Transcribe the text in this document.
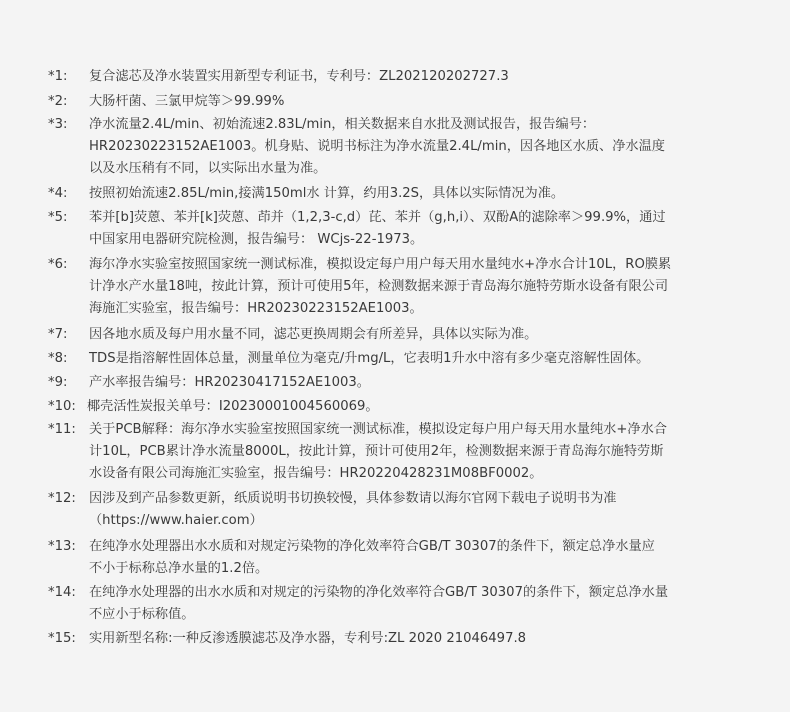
*1: 复合滤芯及净水装置实用新型专利证书，专利号：ZL202120202727.3
*2: 大肠杆菌、三氯甲烷等＞99.99%
*3: 净水流量2.4L/min、初始流速2.83L/min，相关数据来自水批及测试报告，报告编号：
HR20230223152AE1003。机身贴、说明书标注为净水流量2.4L/min，因各地区水质、净水温度
以及水压稍有不同，以实际出水量为准。
*4: 按照初始流速2.85L/min,接满150ml水 计算，约用3.2S，具体以实际情况为准。
*5: 苯并[b]荧蒽、苯并[k]荧蒽、茚并（1,2,3-c,d）芘、苯并（g,h,i）、双酚A的滤除率＞99.9%，通过
中国家用电器研究院检测，报告编号： WCjs-22-1973。
*6: 海尔净水实验室按照国家统一测试标准，模拟设定每户用户每天用水量纯水+净水合计10L，RO膜累
计净水产水量18吨，按此计算，预计可使用5年，检测数据来源于青岛海尔施特劳斯水设备有限公司
海施汇实验室，报告编号：HR20230223152AE1003。
*7: 因各地水质及每户用水量不同，滤芯更换周期会有所差异，具体以实际为准。
*8: TDS是指溶解性固体总量，测量单位为毫克/升mg/L，它表明1升水中溶有多少毫克溶解性固体。
*9: 产水率报告编号：HR20230417152AE1003。
*10: 椰壳活性炭报关单号：I20230001004560069。
*11: 关于PCB解释：海尔净水实验室按照国家统一测试标准，模拟设定每户用户每天用水量纯水+净水合
计10L，PCB累计净水流量8000L，按此计算，预计可使用2年，检测数据来源于青岛海尔施特劳斯
水设备有限公司海施汇实验室，报告编号：HR20220428231M08BF0002。
*12: 因涉及到产品参数更新，纸质说明书切换较慢，具体参数请以海尔官网下载电子说明书为准
（https://www.haier.com）
*13: 在纯净水处理器出水水质和对规定污染物的净化效率符合GB/T 30307的条件下，额定总净水量应
不小于标称总净水量的1.2倍。
*14: 在纯净水处理器的出水水质和对规定的污染物的净化效率符合GB/T 30307的条件下，额定总净水量
不应小于标称值。
*15: 实用新型名称:一种反渗透膜滤芯及净水器，专利号:ZL 2020 21046497.8
